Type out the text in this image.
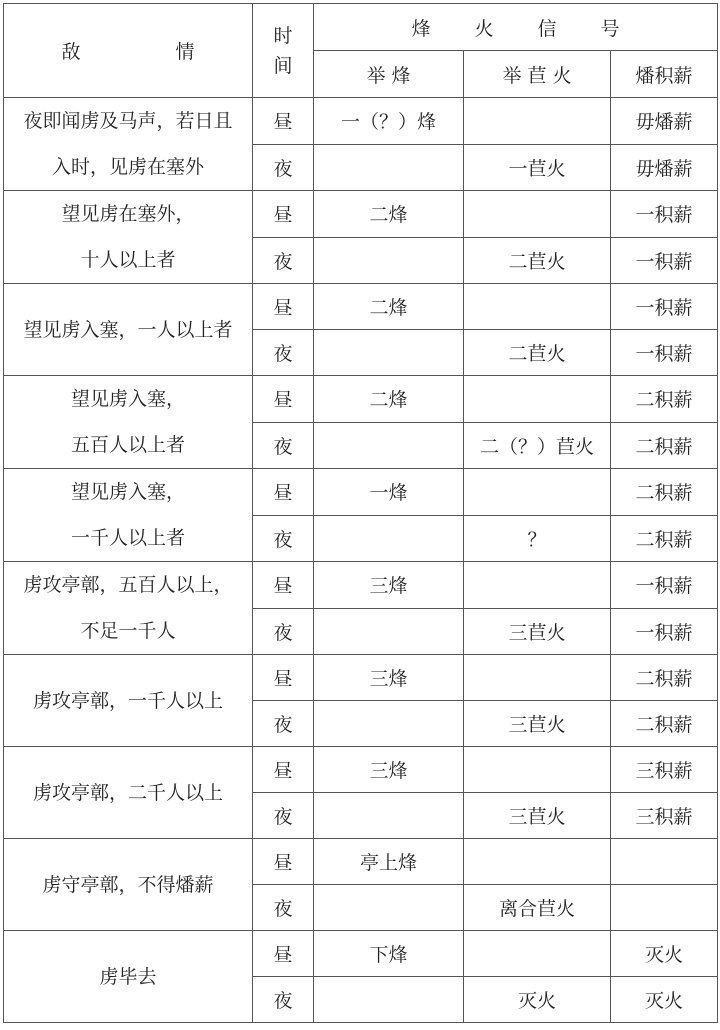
敌 情	时
间	烽火信号		
		举 烽	举 苣 火	燔积薪

夜即闻虏及马声，若日且
入时，见虏在塞外	昼	一（？）烽		毋燔薪
	夜		一苣火	毋燔薪

望见虏在塞外，
十人以上者	昼	二烽		一积薪
	夜		二苣火	一积薪

望见虏入塞，一人以上者	昼	二烽		一积薪
	夜		二苣火	一积薪

望见虏入塞，
五百人以上者	昼	二烽		二积薪
	夜		二（？）苣火	二积薪

望见虏入塞，
一千人以上者	昼	一烽		二积薪
	夜		？	二积薪

虏攻亭鄣，五百人以上，
不足一千人	昼	三烽		一积薪
	夜		三苣火	一积薪

虏攻亭鄣，一千人以上	昼	三烽		二积薪
	夜		三苣火	二积薪

虏攻亭鄣，二千人以上	昼	三烽		三积薪
	夜		三苣火	三积薪

虏守亭鄣，不得燔薪	昼	亭上烽		
	夜		离合苣火	

虏毕去	昼	下烽		灭火
	夜		灭火	灭火
